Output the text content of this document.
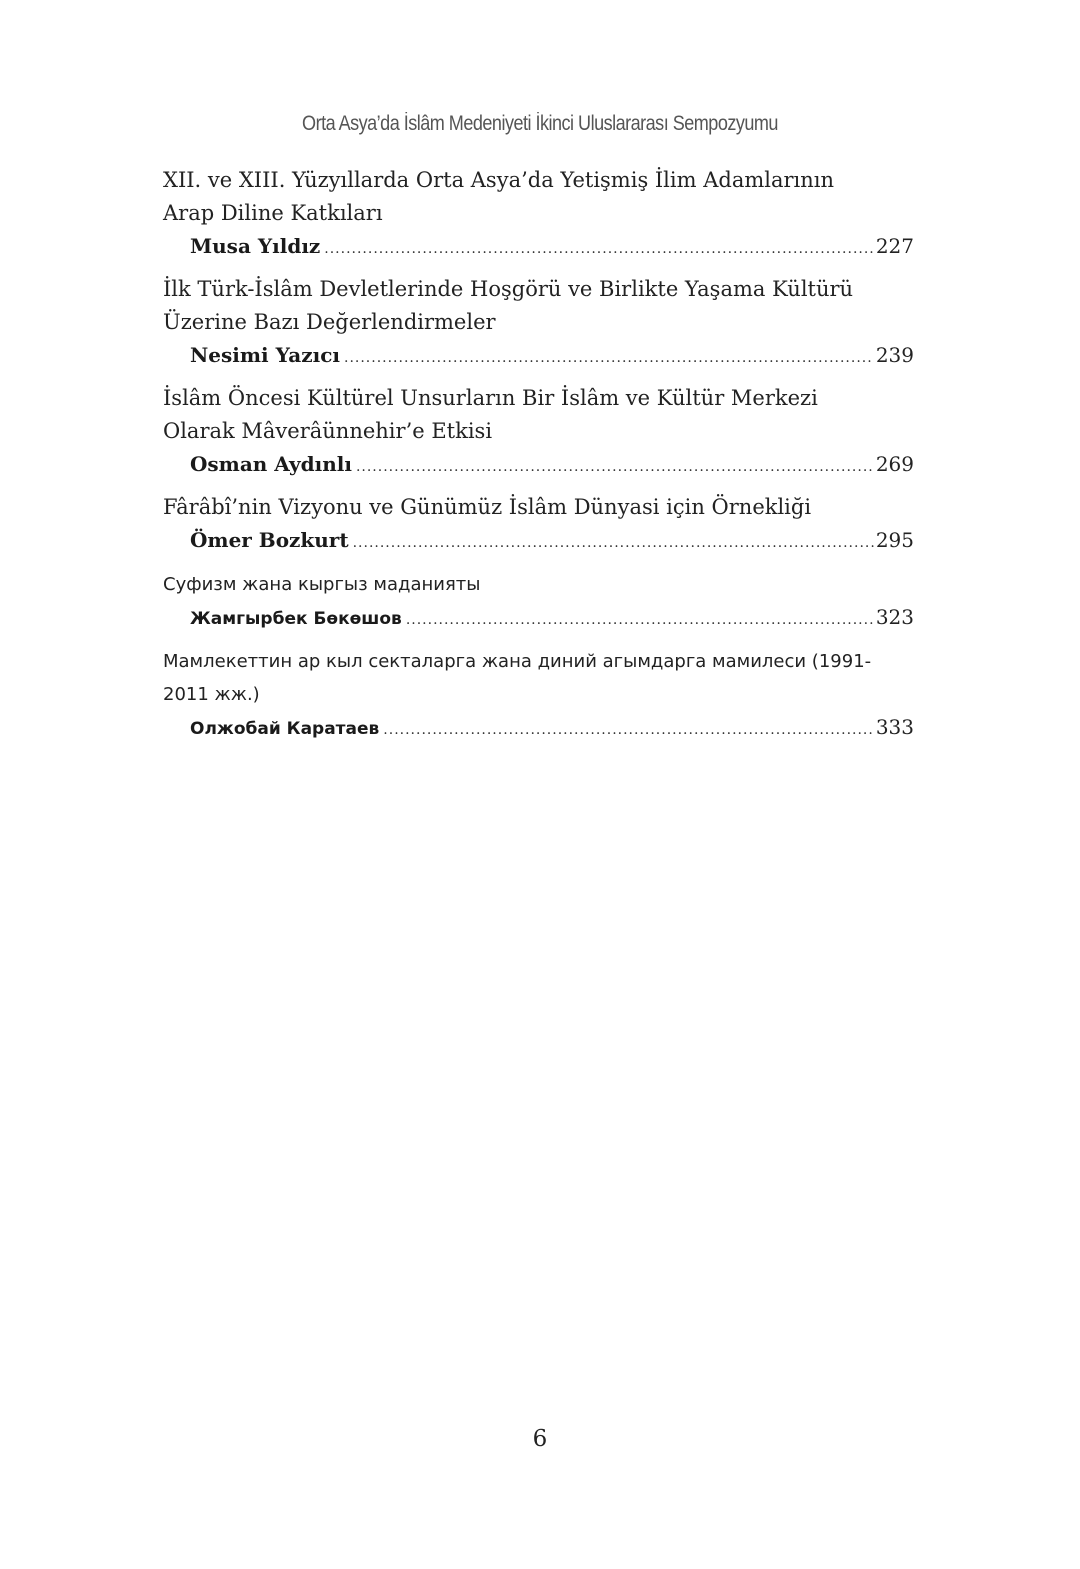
Orta Asya’da İslâm Medeniyeti İkinci Uluslararası Sempozyumu
XII. ve XIII. Yüzyıllarda Orta Asya’da Yetişmiş İlim Adamlarının Arap Diline Katkıları
Musa Yıldız .....	227
İlk Türk-İslâm Devletlerinde Hoşgörü ve Birlikte Yaşama Kültürü Üzerine Bazı Değerlendirmeler
Nesimi Yazıcı .....	239
İslâm Öncesi Kültürel Unsurların Bir İslâm ve Kültür Merkezi Olarak Mâverâünnehir’e Etkisi
Osman Aydınlı .....	269
Fârâbî’nin Vizyonu ve Günümüz İslâm Dünyasi için Örnekliği
Ömer Bozkurt .....	295
Суфизм жана кыргыз маданияты
Жамгырбек Бөкөшов .....	323
Мамлекеттин ар кыл секталарга жана диний агымдарга мамилеси (1991-2011 жж.)
Олжобай Каратаев .....	333
6
